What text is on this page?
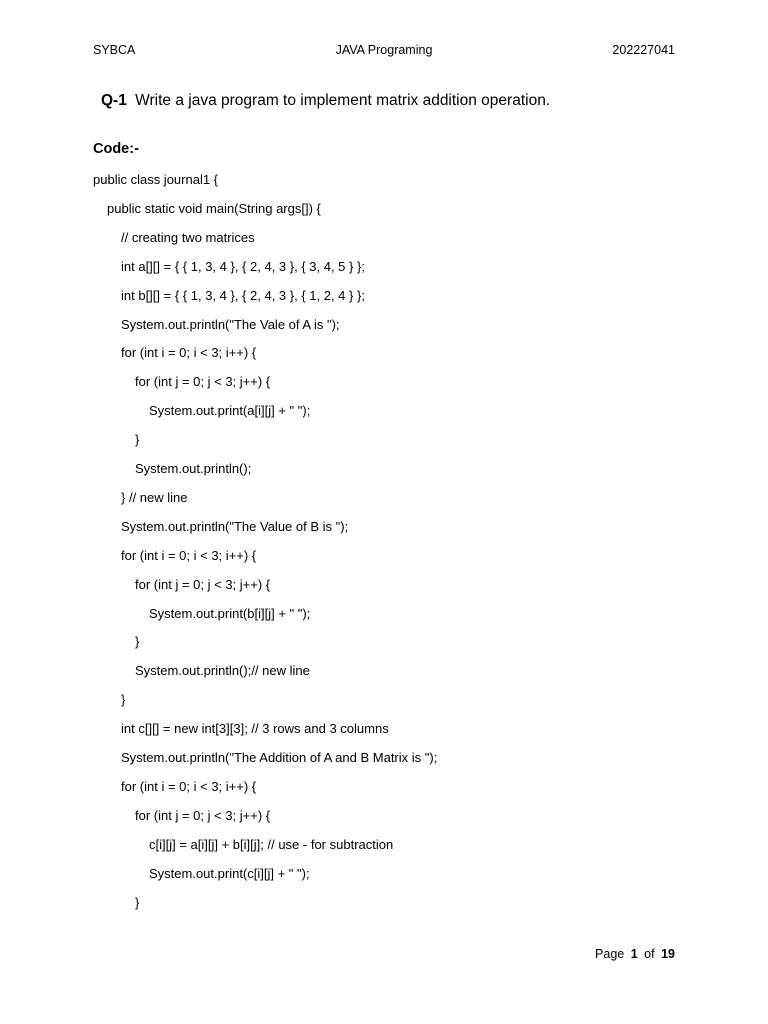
SYBCA	JAVA Programing	202227041
Q-1 Write a java program to implement matrix addition operation.
Code:-
public class journal1 {
public static void main(String args[]) {
// creating two matrices
int a[][] = { { 1, 3, 4 }, { 2, 4, 3 }, { 3, 4, 5 } };
int b[][] = { { 1, 3, 4 }, { 2, 4, 3 }, { 1, 2, 4 } };
System.out.println("The Vale of A is ");
for (int i = 0; i < 3; i++) {
for (int j = 0; j < 3; j++) {
System.out.print(a[i][j] + " ");
}
System.out.println();
} // new line
System.out.println("The Value of B is ");
for (int i = 0; i < 3; i++) {
for (int j = 0; j < 3; j++) {
System.out.print(b[i][j] + " ");
}
System.out.println();// new line
}
int c[][] = new int[3][3]; // 3 rows and 3 columns
System.out.println("The Addition of A and B Matrix is ");
for (int i = 0; i < 3; i++) {
for (int j = 0; j < 3; j++) {
c[i][j] = a[i][j] + b[i][j]; // use - for subtraction
System.out.print(c[i][j] + " ");
}
Page 1 of 19
